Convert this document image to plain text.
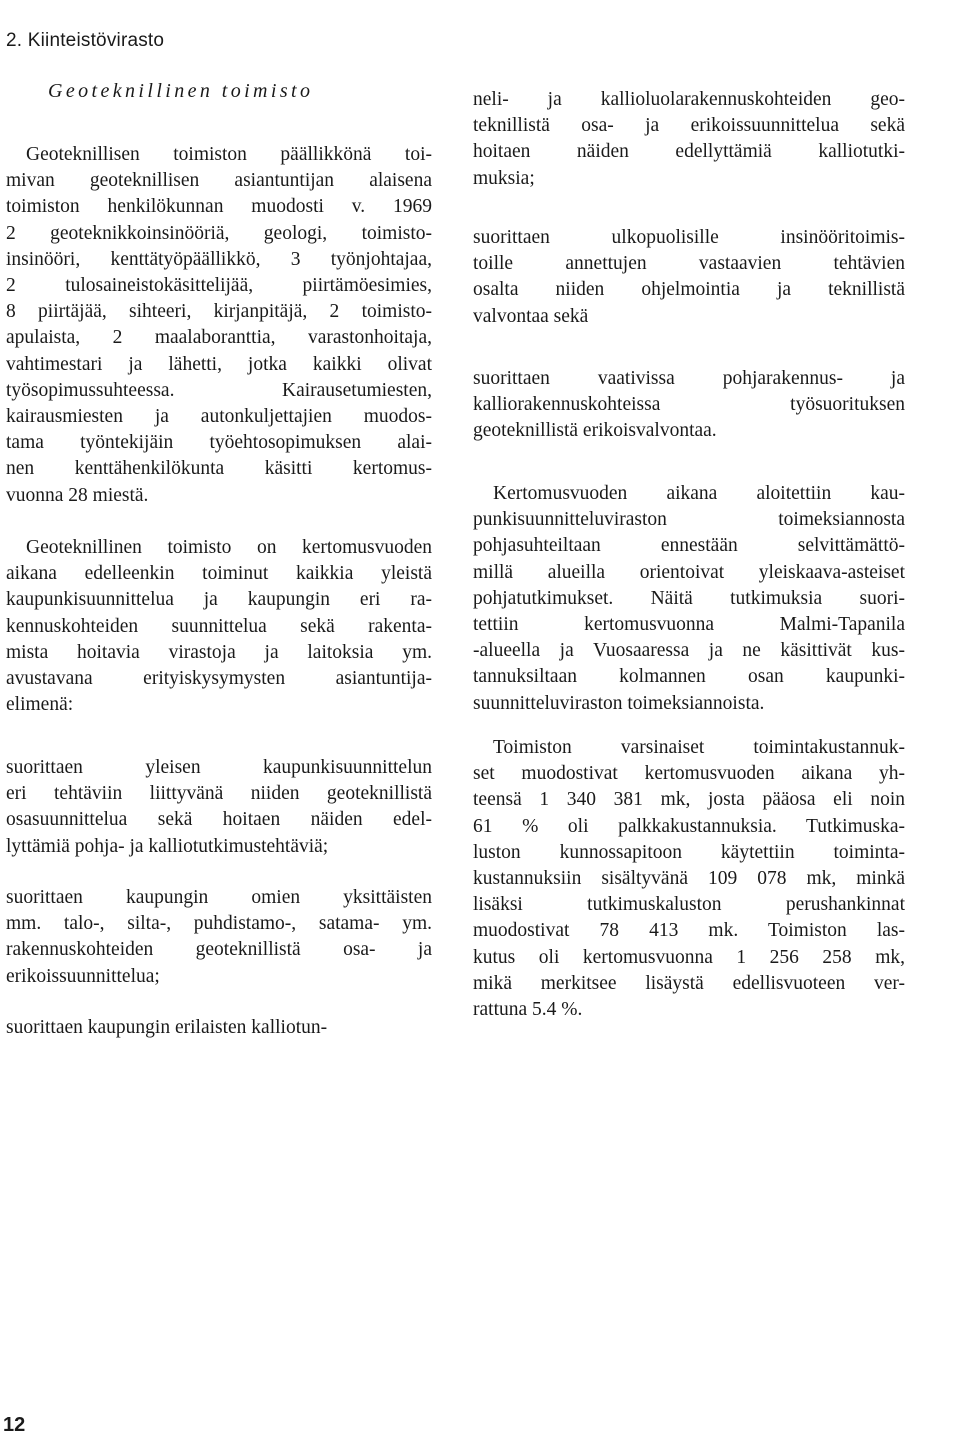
2. Kiinteistövirasto
Geoteknillinen toimisto
Geoteknillisen toimiston päällikkönä toi-
mivan geoteknillisen asiantuntijan alaisena
toimiston henkilökunnan muodosti v. 1969
2 geoteknikkoinsinööriä, geologi, toimisto-
insinööri, kenttätyöpäällikkö, 3 työnjohtajaa,
2 tulosaineistokäsittelijää, piirtämöesimies,
8 piirtäjää, sihteeri, kirjanpitäjä, 2 toimisto-
apulaista, 2 maalaboranttia, varastonhoitaja,
vahtimestari ja lähetti, jotka kaikki olivat
työsopimussuhteessa. Kairausetumiesten,
kairausmiesten ja autonkuljettajien muodos-
tama työntekijäin työehtosopimuksen alai-
nen kenttähenkilökunta käsitti kertomus-
vuonna 28 miestä.
Geoteknillinen toimisto on kertomusvuoden
aikana edelleenkin toiminut kaikkia yleistä
kaupunkisuunnittelua ja kaupungin eri ra-
kennuskohteiden suunnittelua sekä rakenta-
mista hoitavia virastoja ja laitoksia ym.
avustavana erityiskysymysten asiantuntija-
elimenä:
suorittaen yleisen kaupunkisuunnittelun
eri tehtäviin liittyvänä niiden geoteknillistä
osasuunnittelua sekä hoitaen näiden edel-
lyttämiä pohja- ja kalliotutkimustehtäviä;
suorittaen kaupungin omien yksittäisten
mm. talo-, silta-, puhdistamo-, satama- ym.
rakennuskohteiden geoteknillistä osa- ja
erikoissuunnittelua;
suorittaen kaupungin erilaisten kalliotun-
neli- ja kallioluolarakennuskohteiden geo-
teknillistä osa- ja erikoissuunnittelua sekä
hoitaen näiden edellyttämiä kalliotutki-
muksia;
suorittaen ulkopuolisille insinööritoimis-
toille annettujen vastaavien tehtävien
osalta niiden ohjelmointia ja teknillistä
valvontaa sekä
suorittaen vaativissa pohjarakennus- ja
kalliorakennuskohteissa työsuorituksen
geoteknillistä erikoisvalvontaa.
Kertomusvuoden aikana aloitettiin kau-
punkisuunnitteluviraston toimeksiannosta
pohjasuhteiltaan ennestään selvittämättö-
millä alueilla orientoivat yleiskaava-asteiset
pohjatutkimukset. Näitä tutkimuksia suori-
tettiin kertomusvuonna Malmi-Tapanila
-alueella ja Vuosaaressa ja ne käsittivät kus-
tannuksiltaan kolmannen osan kaupunki-
suunnitteluviraston toimeksiannoista.
Toimiston varsinaiset toimintakustannuk-
set muodostivat kertomusvuoden aikana yh-
teensä 1 340 381 mk, josta pääosa eli noin
61 % oli palkkakustannuksia. Tutkimuska-
luston kunnossapitoon käytettiin toiminta-
kustannuksiin sisältyvänä 109 078 mk, minkä
lisäksi tutkimuskaluston perushankinnat
muodostivat 78 413 mk. Toimiston las-
kutus oli kertomusvuonna 1 256 258 mk,
mikä merkitsee lisäystä edellisvuoteen ver-
rattuna 5.4 %.
12
